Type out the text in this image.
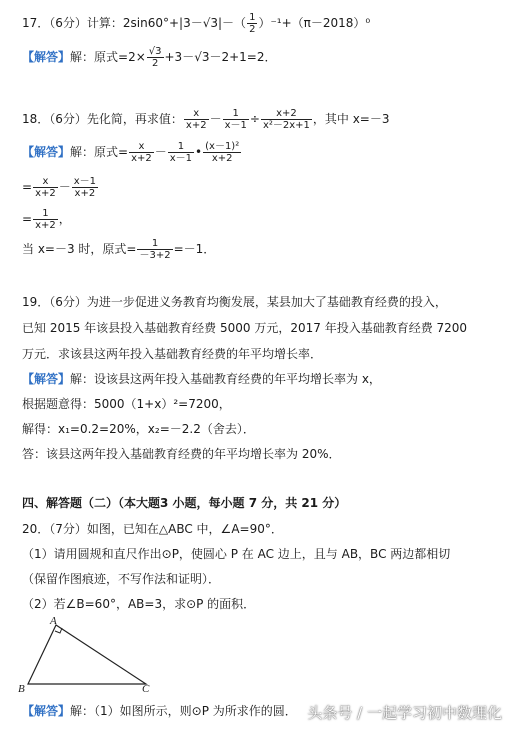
17．（6分）计算：$2\sin 60^\circ+|3-√3|-( \frac{1}{2} )^{-1}+(\pi-2018)^0$
【解答】解：原式$=2\times \frac{√3}{2} +3-√3-2+1=2$．
18．（6分）先化简，再求值： $\frac{x}{x+2} - \frac{1}{x-1} \div \frac{x+2}{\text{x²－2x+1}}$ ，其中 x=－3
【解答】解：原式= $\frac{x}{x+2} - \frac{1}{x-1}$ • $\frac{\text{(x－1)²}}{x+2}$
= $\frac{x}{x+2} - \frac{x-1}{x+2}$
= $\frac{1}{x+2}$ ，
当 x=－3 时，原式= $\frac{1}{-3+2} =-1$．
19．（6分）为进一步促进义务教育均衡发展，某县加大了基础教育经费的投入，
已知 2015 年该县投入基础教育经费 5000 万元，2017 年投入基础教育经费 7200
万元．求该县这两年投入基础教育经费的年平均增长率．
【解答】解：设该县这两年投入基础教育经费的年平均增长率为 x，
根据题意得：5000（1+x）²=7200，
解得：x₁=0.2=20%，x₂=－2.2（舍去）．
答：该县这两年投入基础教育经费的年平均增长率为 20%．
四、解答题（二）（本大题3 小题，每小题 7 分，共 21 分）
20．（7分）如图，已知在△ABC 中，∠A=90°．
（1）请用圆规和直尺作出⊙P，使圆心 P 在 AC 边上，且与 AB，BC 两边都相切
（保留作图痕迹，不写作法和证明）．
（2）若∠B=60°，AB=3，求⊙P 的面积．
A
B	C
【解答】解：（1）如图所示，则⊙P 为所求作的圆． 头条号 / 一起学习初中数理化
